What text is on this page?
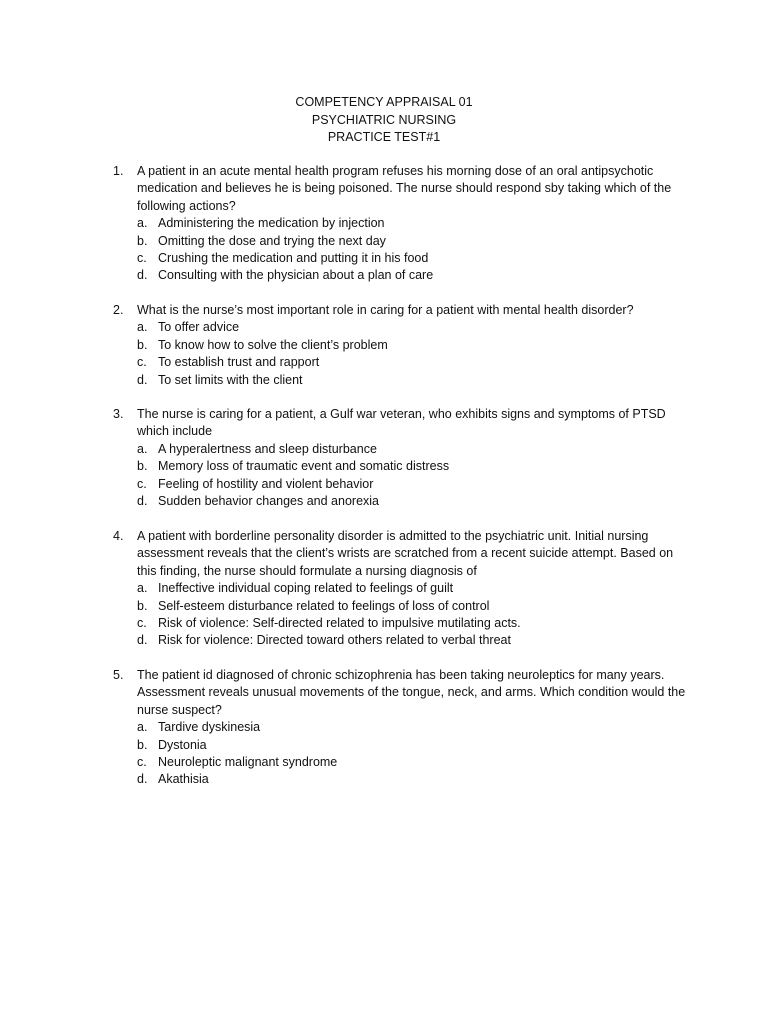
COMPETENCY APPRAISAL 01
PSYCHIATRIC NURSING
PRACTICE TEST#1
1.	A patient in an acute mental health program refuses his morning dose of an oral antipsychotic medication and believes he is being poisoned. The nurse should respond sby taking which of the following actions?
a. Administering the medication by injection
b. Omitting the dose and trying the next day
c. Crushing the medication and putting it in his food
d. Consulting with the physician about a plan of care
2.	What is the nurse’s most important role in caring for a patient with mental health disorder?
a. To offer advice
b. To know how to solve the client’s problem
c. To establish trust and rapport
d. To set limits with the client
3.	The nurse is caring for a patient, a Gulf war veteran, who exhibits signs and symptoms of PTSD which include
a. A hyperalertness and sleep disturbance
b. Memory loss of traumatic event and somatic distress
c. Feeling of hostility and violent behavior
d. Sudden behavior changes and anorexia
4.	A patient with borderline personality disorder is admitted to the psychiatric unit. Initial nursing assessment reveals that the client’s wrists are scratched from a recent suicide attempt. Based on this finding, the nurse should formulate a nursing diagnosis of
a. Ineffective individual coping related to feelings of guilt
b. Self-esteem disturbance related to feelings of loss of control
c. Risk of violence: Self-directed related to impulsive mutilating acts.
d. Risk for violence: Directed toward others related to verbal threat
5.	The patient id diagnosed of chronic schizophrenia has been taking neuroleptics for many years. Assessment reveals unusual movements of the tongue, neck, and arms. Which condition would the nurse suspect?
a. Tardive dyskinesia
b. Dystonia
c. Neuroleptic malignant syndrome
d. Akathisia
